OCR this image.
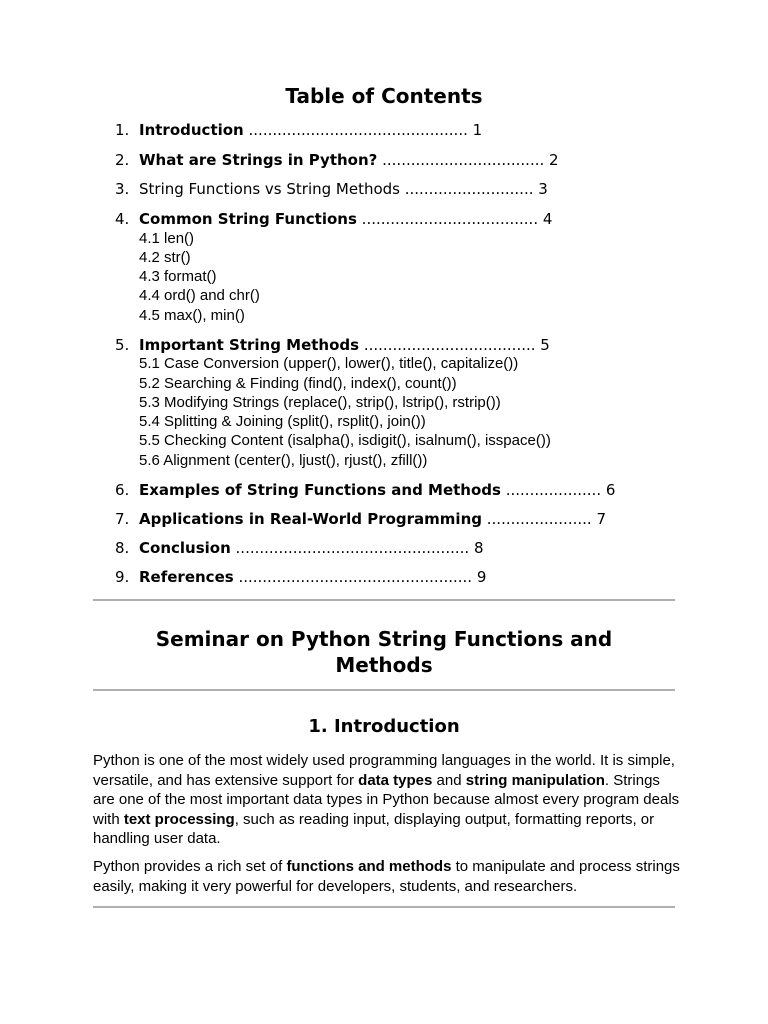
Table of Contents
1. Introduction .............................................. 1
2. What are Strings in Python? .................................. 2
3. String Functions vs String Methods ........................... 3
4. Common String Functions ..................................... 4
4.1 len()
4.2 str()
4.3 format()
4.4 ord() and chr()
4.5 max(), min()
5. Important String Methods .................................... 5
5.1 Case Conversion (upper(), lower(), title(), capitalize())
5.2 Searching & Finding (find(), index(), count())
5.3 Modifying Strings (replace(), strip(), lstrip(), rstrip())
5.4 Splitting & Joining (split(), rsplit(), join())
5.5 Checking Content (isalpha(), isdigit(), isalnum(), isspace())
5.6 Alignment (center(), ljust(), rjust(), zfill())
6. Examples of String Functions and Methods .................... 6
7. Applications in Real-World Programming ...................... 7
8. Conclusion ................................................. 8
9. References ................................................. 9
Seminar on Python String Functions and
Methods
1. Introduction
Python is one of the most widely used programming languages in the world. It is simple, versatile, and has extensive support for data types and string manipulation. Strings are one of the most important data types in Python because almost every program deals with text processing, such as reading input, displaying output, formatting reports, or handling user data.
Python provides a rich set of functions and methods to manipulate and process strings easily, making it very powerful for developers, students, and researchers.
